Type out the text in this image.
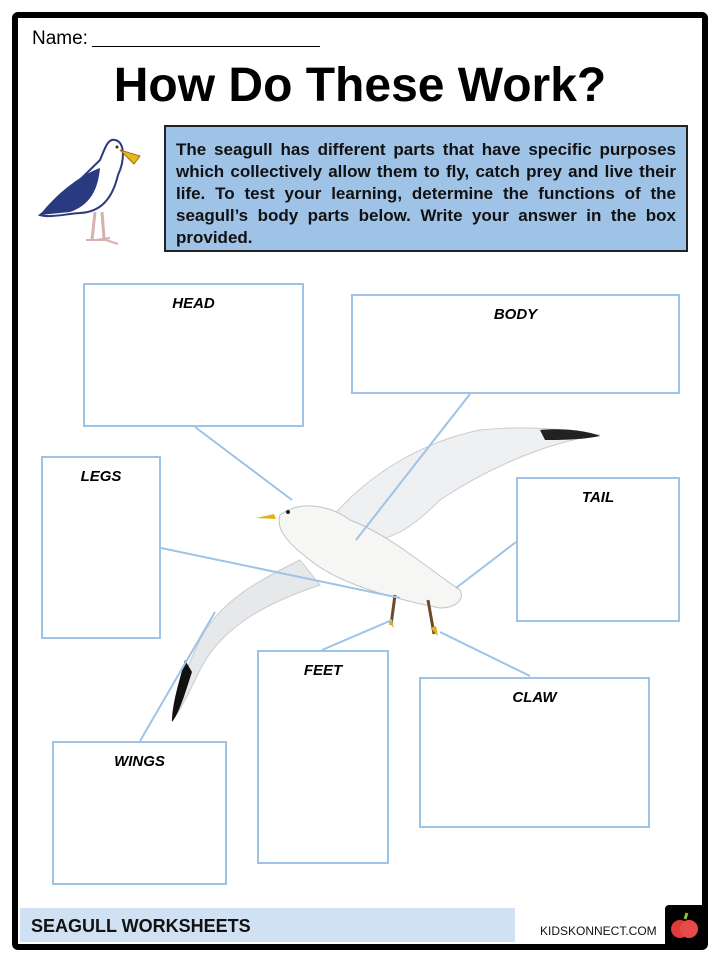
Name:
How Do These Work?
The seagull has different parts that have specific purposes which collectively allow them to fly, catch prey and live their life. To test your learning, determine the functions of the seagull’s body parts below. Write your answer in the box provided.
HEAD
BODY
LEGS
TAIL
FEET
CLAW
WINGS
SEAGULL WORKSHEETS	KIDSKONNECT.COM
